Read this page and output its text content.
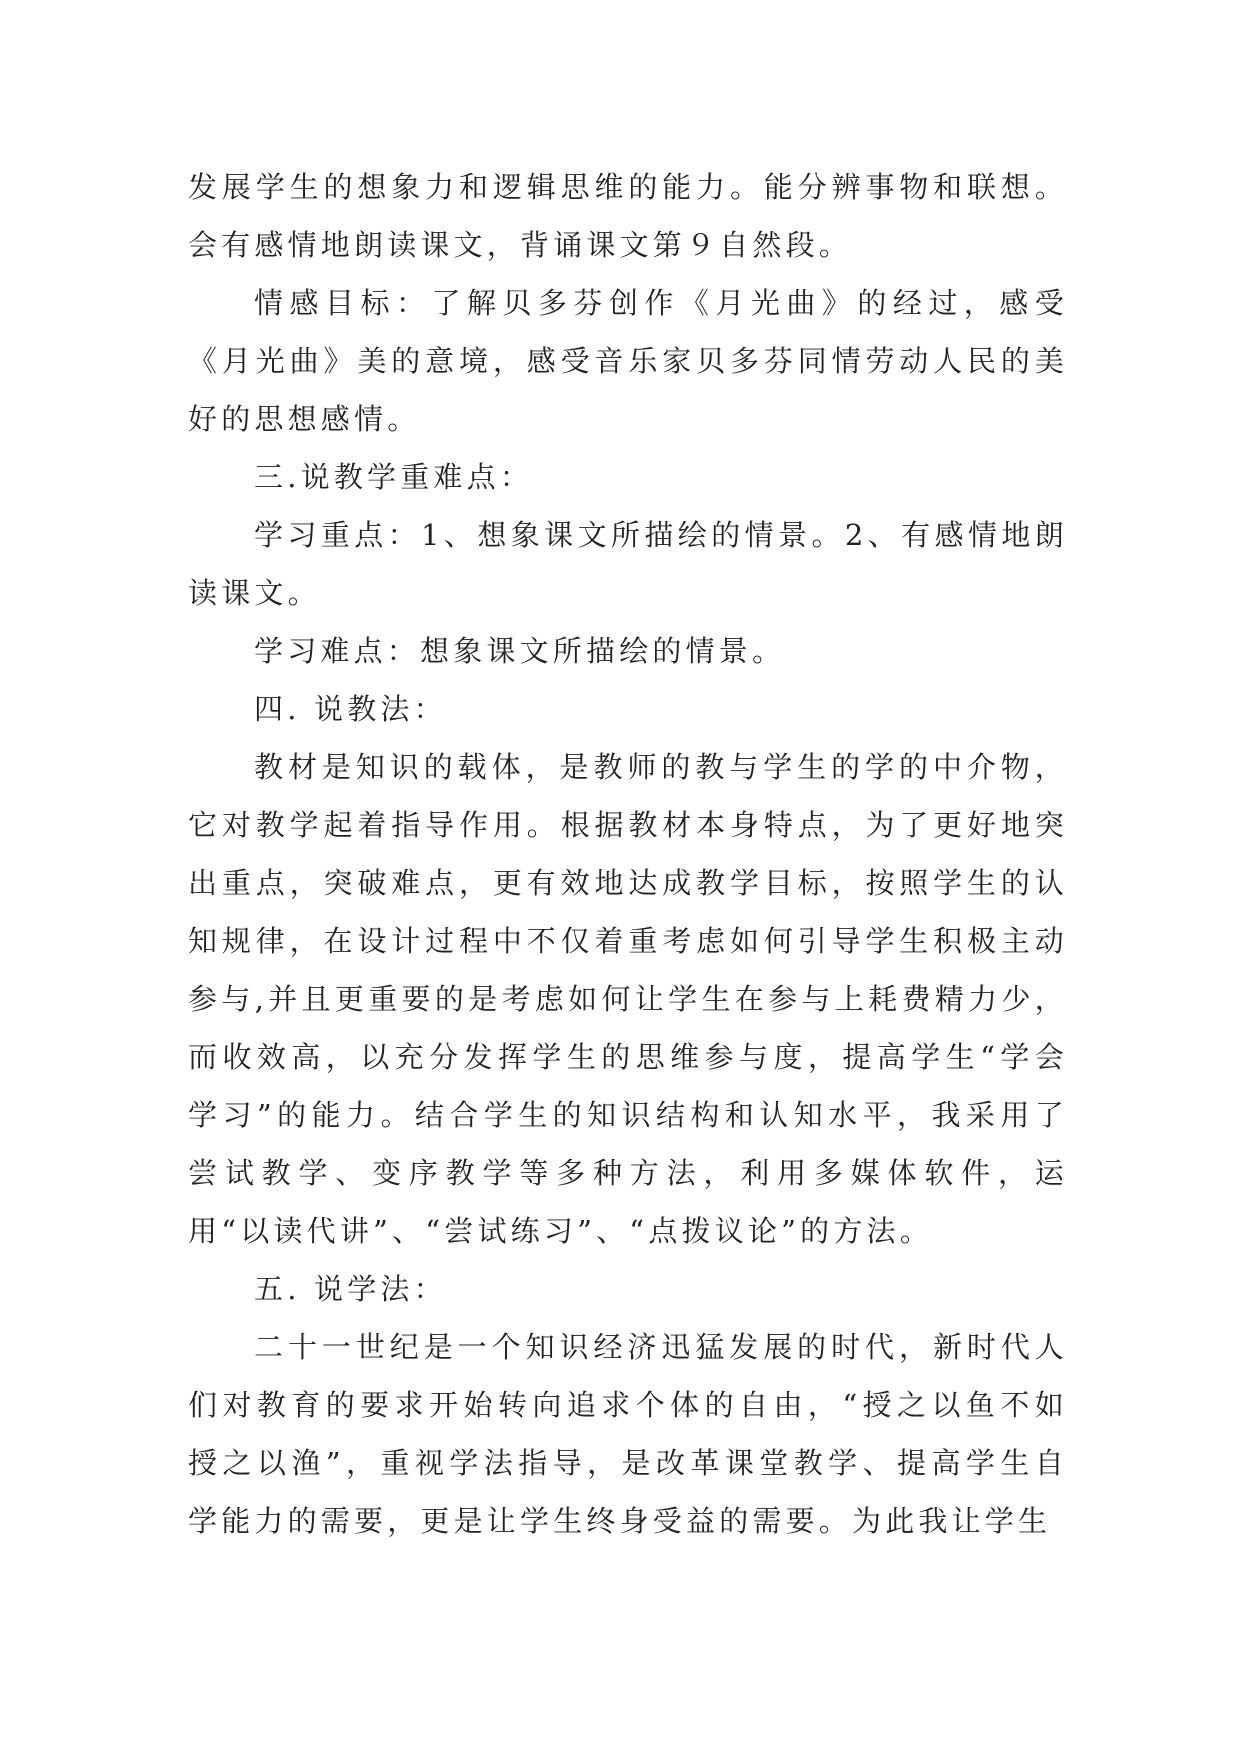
发展学生的想象力和逻辑思维的能力。能分辨事物和联想。会有感情地朗读课文，背诵课文第９自然段。

情感目标：了解贝多芬创作《月光曲》的经过，感受《月光曲》美的意境，感受音乐家贝多芬同情劳动人民的美好的思想感情。

三.说教学重难点：

学习重点：1、想象课文所描绘的情景。2、有感情地朗读课文。

学习难点：想象课文所描绘的情景。

四. 说教法：

教材是知识的载体，是教师的教与学生的学的中介物，它对教学起着指导作用。根据教材本身特点，为了更好地突出重点，突破难点，更有效地达成教学目标，按照学生的认知规律，在设计过程中不仅着重考虑如何引导学生积极主动参与,并且更重要的是考虑如何让学生在参与上耗费精力少，而收效高，以充分发挥学生的思维参与度，提高学生“学会学习”的能力。结合学生的知识结构和认知水平，我采用了尝试教学、变序教学等多种方法，利用多媒体软件，运用“以读代讲”、“尝试练习”、“点拨议论”的方法。

五. 说学法：

二十一世纪是一个知识经济迅猛发展的时代，新时代人们对教育的要求开始转向追求个体的自由，“授之以鱼不如授之以渔”，重视学法指导，是改革课堂教学、提高学生自学能力的需要，更是让学生终身受益的需要。为此我让学生
